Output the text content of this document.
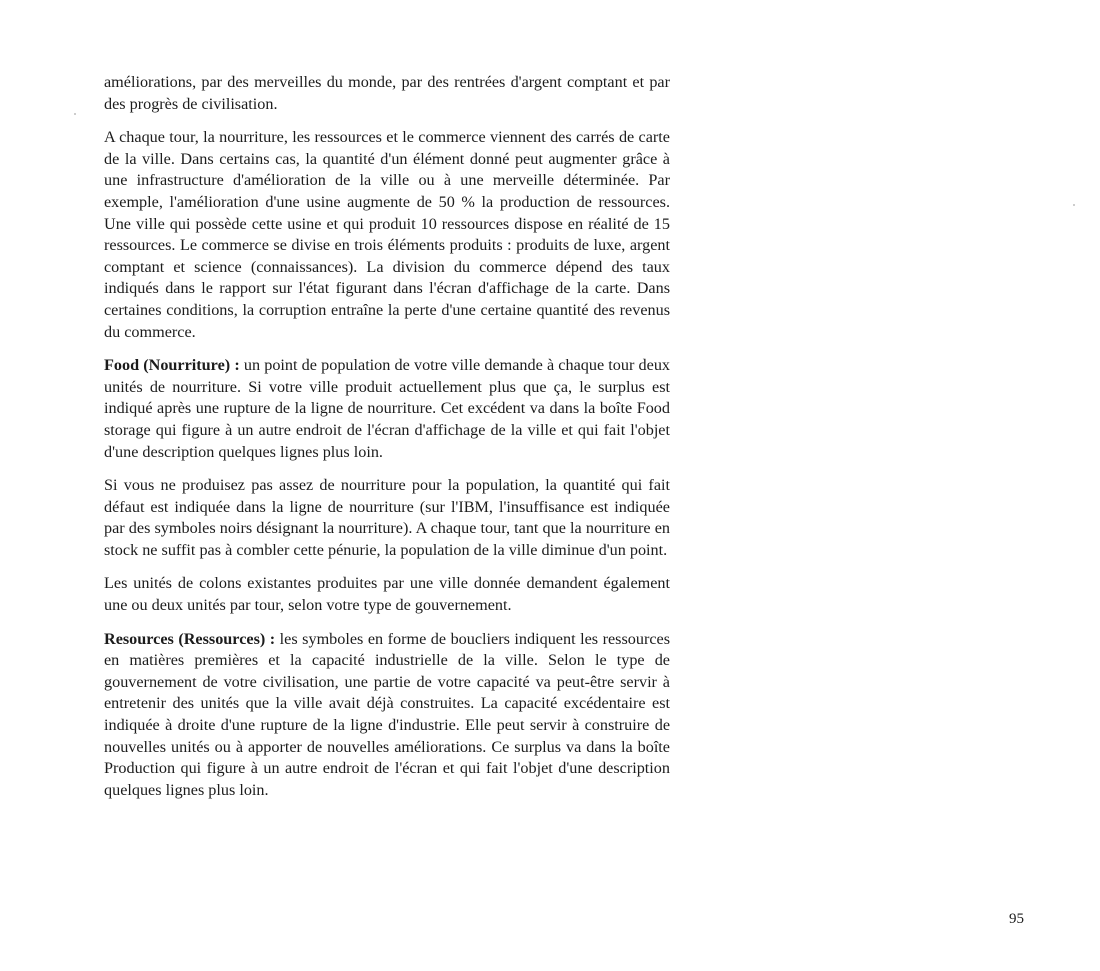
améliorations, par des merveilles du monde, par des rentrées d'argent comptant et par des progrès de civilisation.

A chaque tour, la nourriture, les ressources et le commerce viennent des carrés de carte de la ville. Dans certains cas, la quantité d'un élément donné peut augmenter grâce à une infrastructure d'amélioration de la ville ou à une merveille déterminée. Par exemple, l'amélioration d'une usine augmente de 50 % la production de ressources. Une ville qui possède cette usine et qui produit 10 ressources dispose en réalité de 15 ressources. Le commerce se divise en trois éléments produits : produits de luxe, argent comptant et science (connaissances). La division du commerce dépend des taux indiqués dans le rapport sur l'état figurant dans l'écran d'affichage de la carte. Dans certaines conditions, la corruption entraîne la perte d'une certaine quantité des revenus du commerce.

Food (Nourriture) : un point de population de votre ville demande à chaque tour deux unités de nourriture. Si votre ville produit actuellement plus que ça, le surplus est indiqué après une rupture de la ligne de nourriture. Cet excédent va dans la boîte Food storage qui figure à un autre endroit de l'écran d'affichage de la ville et qui fait l'objet d'une description quelques lignes plus loin.

Si vous ne produisez pas assez de nourriture pour la population, la quantité qui fait défaut est indiquée dans la ligne de nourriture (sur l'IBM, l'insuffisance est indiquée par des symboles noirs désignant la nourriture). A chaque tour, tant que la nourriture en stock ne suffit pas à combler cette pénurie, la population de la ville diminue d'un point.

Les unités de colons existantes produites par une ville donnée demandent également une ou deux unités par tour, selon votre type de gouvernement.

Resources (Ressources) : les symboles en forme de boucliers indiquent les ressources en matières premières et la capacité industrielle de la ville. Selon le type de gouvernement de votre civilisation, une partie de votre capacité va peut-être servir à entretenir des unités que la ville avait déjà construites. La capacité excédentaire est indiquée à droite d'une rupture de la ligne d'industrie. Elle peut servir à construire de nouvelles unités ou à apporter de nouvelles améliorations. Ce surplus va dans la boîte Production qui figure à un autre endroit de l'écran et qui fait l'objet d'une description quelques lignes plus loin.

95
